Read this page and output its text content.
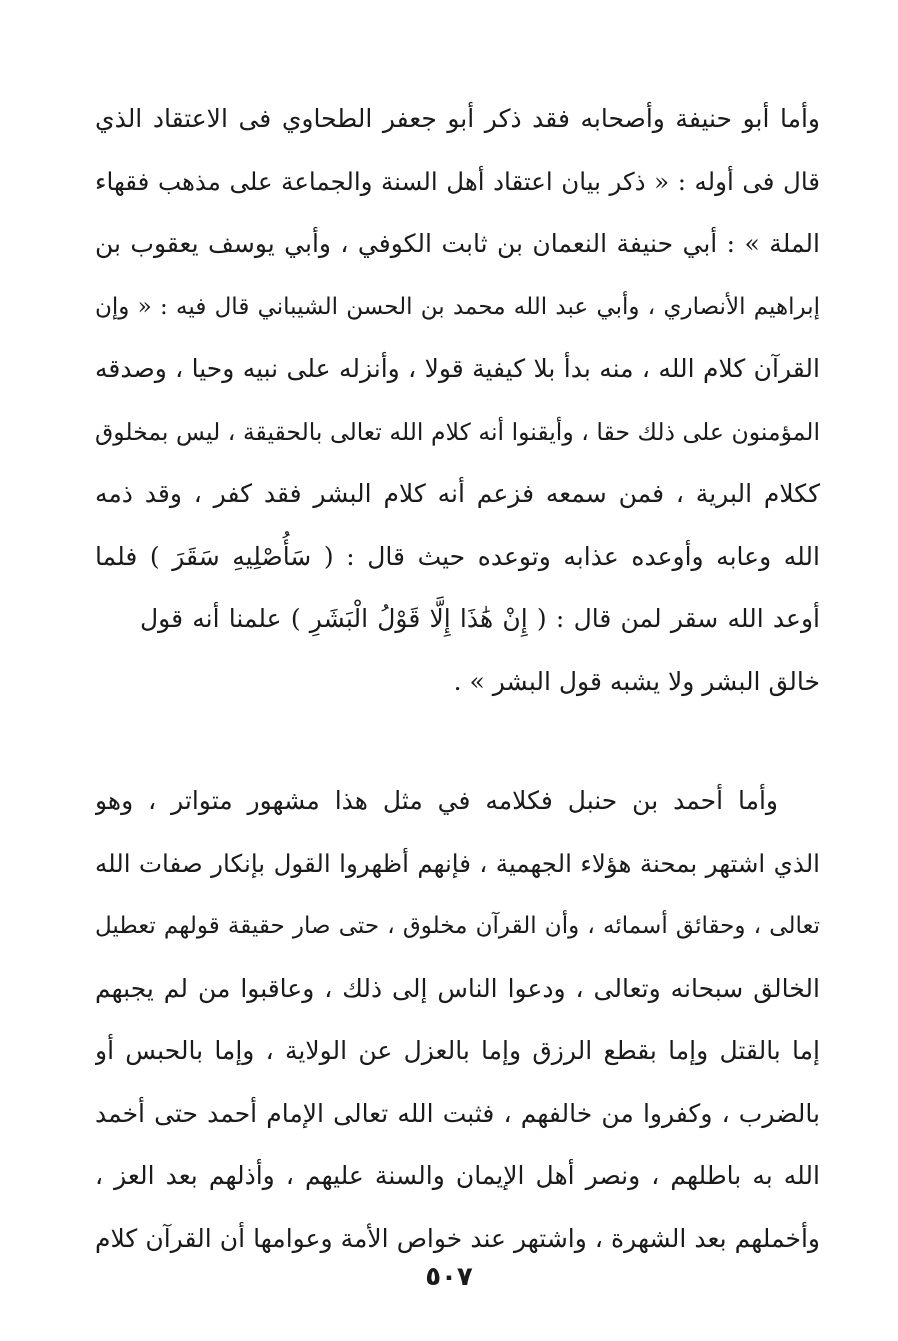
وأما أبو حنيفة وأصحابه فقد ذكر أبو جعفر الطحاوي فى الاعتقاد الذي
قال فى أوله : « ذكر بيان اعتقاد أهل السنة والجماعة على مذهب فقهاء
الملة » : أبي حنيفة النعمان بن ثابت الكوفي ، وأبي يوسف يعقوب بن
إبراهيم الأنصاري ، وأبي عبد الله محمد بن الحسن الشيباني قال فيه : « وإن
القرآن كلام الله ، منه بدأ بلا كيفية قولا ، وأنزله على نبيه وحيا ، وصدقه
المؤمنون على ذلك حقا ، وأيقنوا أنه كلام الله تعالى بالحقيقة ، ليس بمخلوق
ككلام البرية ، فمن سمعه فزعم أنه كلام البشر فقد كفر ، وقد ذمه
الله وعابه وأوعده عذابه وتوعده حيث قال : ( سَأُصْلِيهِ سَقَرَ ) فلما
أوعد الله سقر لمن قال : ( إِنْ هَٰذَا إِلَّا قَوْلُ الْبَشَرِ ) علمنا أنه قول
خالق البشر ولا يشبه قول البشر » .
وأما أحمد بن حنبل فكلامه في مثل هذا مشهور متواتر ، وهو
الذي اشتهر بمحنة هؤلاء الجهمية ، فإنهم أظهروا القول بإنكار صفات الله
تعالى ، وحقائق أسمائه ، وأن القرآن مخلوق ، حتى صار حقيقة قولهم تعطيل
الخالق سبحانه وتعالى ، ودعوا الناس إلى ذلك ، وعاقبوا من لم يجبهم
إما بالقتل وإما بقطع الرزق وإما بالعزل عن الولاية ، وإما بالحبس أو
بالضرب ، وكفروا من خالفهم ، فثبت الله تعالى الإمام أحمد حتى أخمد
الله به باطلهم ، ونصر أهل الإيمان والسنة عليهم ، وأذلهم بعد العز ،
وأخملهم بعد الشهرة ، واشتهر عند خواص الأمة وعوامها أن القرآن كلام
٥٠٧
